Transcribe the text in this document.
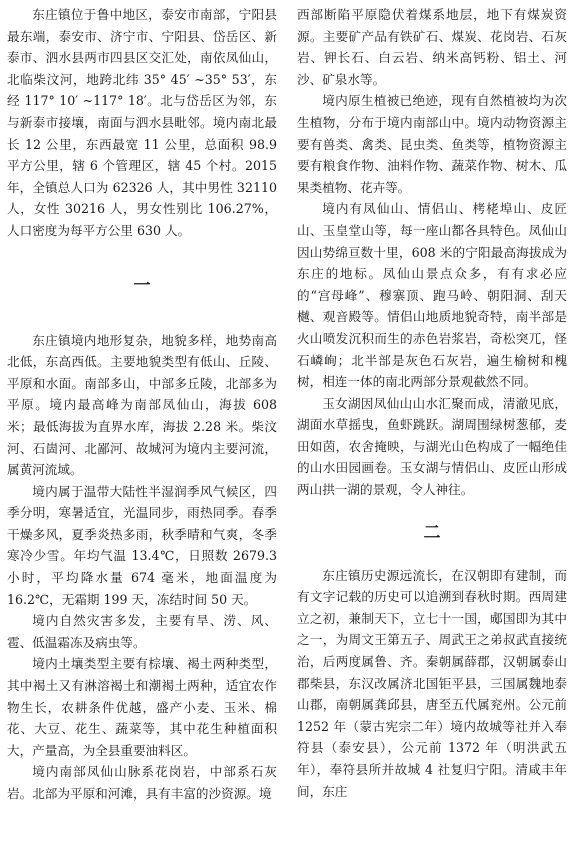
东庄镇位于鲁中地区，泰安市南部，宁阳县最东端，泰安市、济宁市、宁阳县、岱岳区、新泰市、泗水县两市四县区交汇处，南依凤仙山，北临柴汶河，地跨北纬 35° 45′ ~35° 53′，东经 117° 10′ ~117° 18′。北与岱岳区为邻，东与新泰市接壤，南面与泗水县毗邻。境内南北最长 12 公里，东西最宽 11 公里，总面积 98.9 平方公里，辖 6 个管理区，辖 45 个村。2015 年，全镇总人口为 62326 人，其中男性 32110 人，女性 30216 人，男女性别比 106.27%，人口密度为每平方公里 630 人。

一

东庄镇境内地形复杂，地貌多样，地势南高北低，东高西低。主要地貌类型有低山、丘陵、平原和水面。南部多山，中部多丘陵，北部多为平原。境内最高峰为南部凤仙山，海拔 608 米；最低海拔为直界水库，海拔 2.28 米。柴汶河、石崮河、北鄙河、故城河为境内主要河流，属黄河流域。

境内属于温带大陆性半湿润季风气候区，四季分明，寒暑适宜，光温同步，雨热同季。春季干燥多风，夏季炎热多雨，秋季晴和气爽，冬季寒冷少雪。年均气温 13.4℃，日照数 2679.3 小时，平均降水量 674 毫米，地面温度为 16.2℃，无霜期 199 天，冻结时间 50 天。

境内自然灾害多发，主要有旱、涝、风、雹、低温霜冻及病虫等。

境内土壤类型主要有棕壤、褐土两种类型，其中褐土又有淋溶褐土和潮褐土两种，适宜农作物生长，农耕条件优越，盛产小麦、玉米、棉花、大豆、花生、蔬菜等，其中花生种植面积大，产量高，为全县重要油料区。

境内南部凤仙山脉系花岗岩，中部系石灰岩。北部为平原和河滩，具有丰富的沙资源。境

西部断陷平原隐伏着煤系地层，地下有煤炭资源。主要矿产品有铁矿石、煤炭、花岗岩、石灰岩、钾长石、白云岩、纳米高钙粉、铝土、河沙、矿泉水等。

境内原生植被已绝迹，现有自然植被均为次生植物，分布于境内南部山中。境内动物资源主要有兽类、禽类、昆虫类、鱼类等，植物资源主要有粮食作物、油料作物、蔬菜作物、树木、瓜果类植物、花卉等。

境内有凤仙山、情侣山、栲栳埠山、皮匠山、玉皇堂山等，每一座山都各具特色。凤仙山因山势绵亘数十里，608 米的宁阳最高海拔成为东庄的地标。凤仙山景点众多，有有求必应的“宫母峰”、穆寨顶、跑马岭、朝阳洞、刮天樾、观音殿等。情侣山地质地貌奇特，南半部是火山喷发沉积而生的赤色岩浆岩，奇松突兀，怪石嶙峋；北半部是灰色石灰岩，遍生榆树和槐树，相连一体的南北两部分景观截然不同。

玉女湖因凤仙山山水汇聚而成，清澈见底，湖面水草摇曳，鱼虾跳跃。湖周围绿树葱郁，麦田如茵，农舍掩映，与湖光山色构成了一幅绝佳的山水田园画卷。玉女湖与情侣山、皮匠山形成两山拱一湖的景观，令人神往。

二

东庄镇历史源远流长，在汉朝即有建制，而有文字记载的历史可以追溯到春秋时期。西周建立之初，兼制天下，立七十一国，郕国即为其中之一，为周文王第五子、周武王之弟叔武直接统治，后两度属鲁、齐。秦朝属薛郡，汉朝属泰山郡柴县，东汉改属济北国钜平县，三国属魏地泰山郡，南朝属龚邱县，唐至五代属兖州。公元前 1252 年（蒙古宪宗二年）境内故城等社并入奉符县（泰安县），公元前 1372 年（明洪武五年），奉符县所并故城 4 社复归宁阳。清咸丰年间，东庄
